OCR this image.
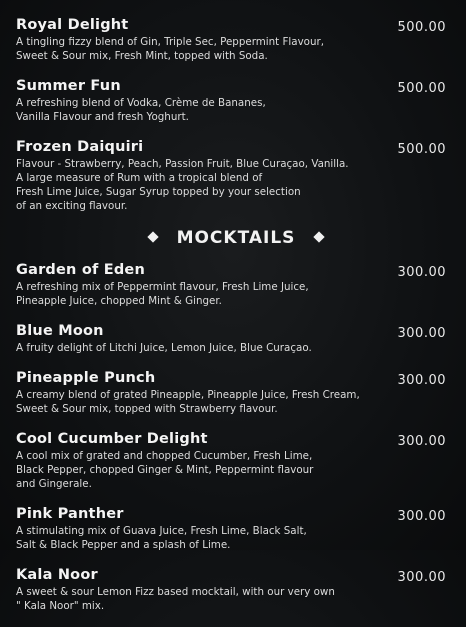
Royal Delight	500.00
A tingling fizzy blend of Gin, Triple Sec, Peppermint Flavour,
Sweet & Sour mix, Fresh Mint, topped with Soda.
Summer Fun	500.00
A refreshing blend of Vodka, Crème de Bananes,
Vanilla Flavour and fresh Yoghurt.
Frozen Daiquiri	500.00
Flavour - Strawberry, Peach, Passion Fruit, Blue Curaçao, Vanilla.
A large measure of Rum with a tropical blend of
Fresh Lime Juice, Sugar Syrup topped by your selection
of an exciting flavour.
MOCKTAILS
Garden of Eden	300.00
A refreshing mix of Peppermint flavour, Fresh Lime Juice,
Pineapple Juice, chopped Mint & Ginger.
Blue Moon	300.00
A fruity delight of Litchi Juice, Lemon Juice, Blue Curaçao.
Pineapple Punch	300.00
A creamy blend of grated Pineapple, Pineapple Juice, Fresh Cream,
Sweet & Sour mix, topped with Strawberry flavour.
Cool Cucumber Delight	300.00
A cool mix of grated and chopped Cucumber, Fresh Lime,
Black Pepper, chopped Ginger & Mint, Peppermint flavour
and Gingerale.
Pink Panther	300.00
A stimulating mix of Guava Juice, Fresh Lime, Black Salt,
Salt & Black Pepper and a splash of Lime.
Kala Noor	300.00
A sweet & sour Lemon Fizz based mocktail, with our very own
" Kala Noor" mix.
